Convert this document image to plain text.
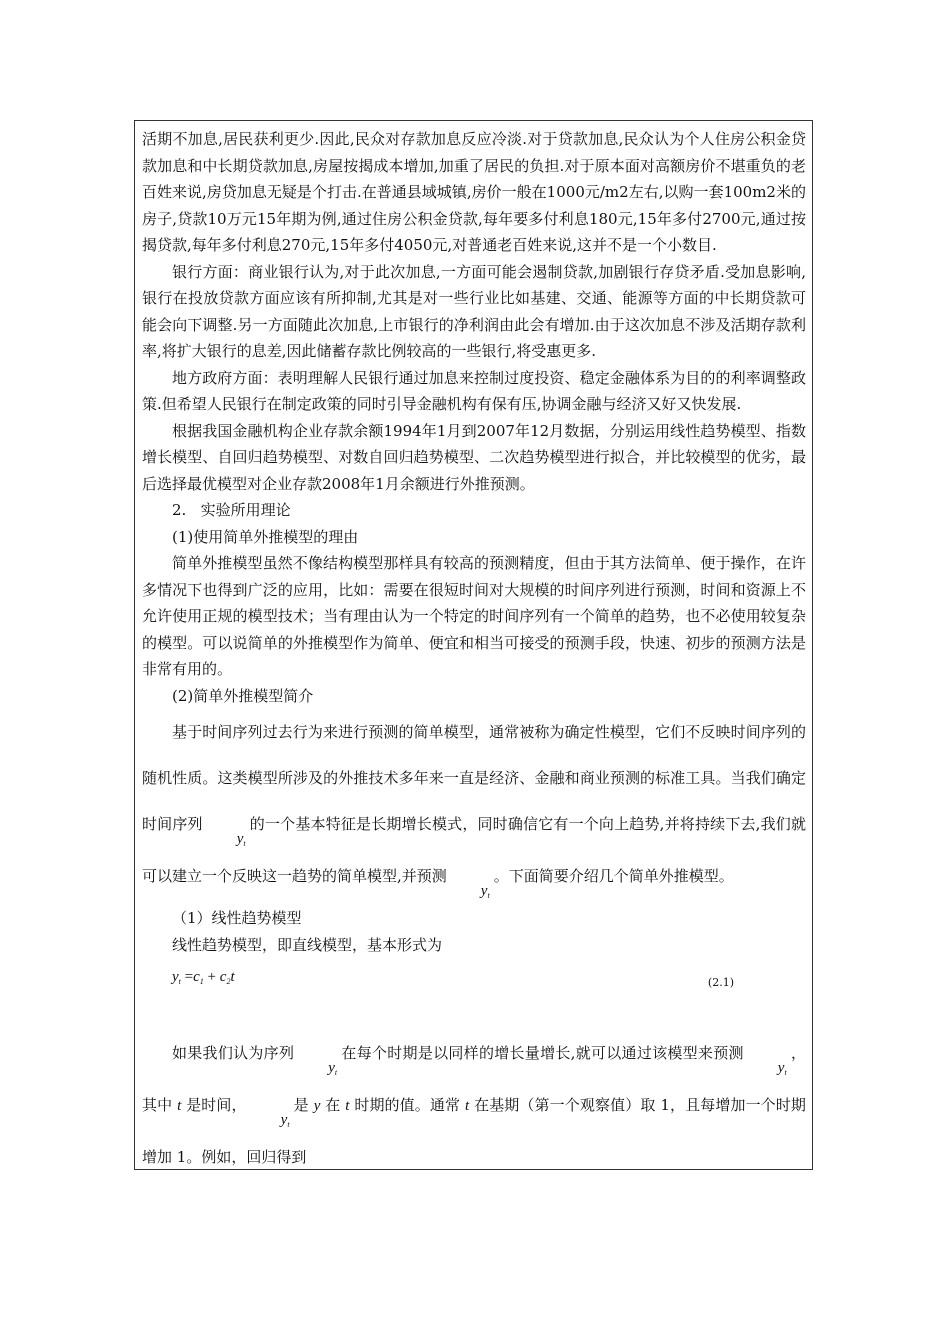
活期不加息,居民获利更少.因此,民众对存款加息反应冷淡.对于贷款加息,民众认为个人住房公积金贷款加息和中长期贷款加息,房屋按揭成本增加,加重了居民的负担.对于原本面对高额房价不堪重负的老百姓来说,房贷加息无疑是个打击.在普通县域城镇,房价一般在1000元/m2左右,以购一套100m2米的房子,贷款10万元15年期为例,通过住房公积金贷款,每年要多付利息180元,15年多付2700元,通过按揭贷款,每年多付利息270元,15年多付4050元,对普通老百姓来说,这并不是一个小数目.

银行方面：商业银行认为,对于此次加息,一方面可能会遏制贷款,加剧银行存贷矛盾.受加息影响,银行在投放贷款方面应该有所抑制,尤其是对一些行业比如基建、交通、能源等方面的中长期贷款可能会向下调整.另一方面随此次加息,上市银行的净利润由此会有增加.由于这次加息不涉及活期存款利率,将扩大银行的息差,因此储蓄存款比例较高的一些银行,将受惠更多.

地方政府方面：表明理解人民银行通过加息来控制过度投资、稳定金融体系为目的的利率调整政策.但希望人民银行在制定政策的同时引导金融机构有保有压,协调金融与经济又好又快发展.

根据我国金融机构企业存款余额1994年1月到2007年12月数据，分别运用线性趋势模型、指数增长模型、自回归趋势模型、对数自回归趋势模型、二次趋势模型进行拟合，并比较模型的优劣，最后选择最优模型对企业存款2008年1月余额进行外推预测。

2.   实验所用理论

(1)使用简单外推模型的理由

简单外推模型虽然不像结构模型那样具有较高的预测精度，但由于其方法简单、便于操作，在许多情况下也得到广泛的应用，比如：需要在很短时间对大规模的时间序列进行预测，时间和资源上不允许使用正规的模型技术；当有理由认为一个特定的时间序列有一个简单的趋势，也不必使用较复杂的模型。可以说简单的外推模型作为简单、便宜和相当可接受的预测手段，快速、初步的预测方法是非常有用的。

(2)简单外推模型简介

基于时间序列过去行为来进行预测的简单模型，通常被称为确定性模型，它们不反映时间序列的随机性质。这类模型所涉及的外推技术多年来一直是经济、金融和商业预测的标准工具。当我们确定时间序列$y_t$的一个基本特征是长期增长模式，同时确信它有一个向上趋势,并将持续下去,我们就可以建立一个反映这一趋势的简单模型,并预测$y_t$。下面简要介绍几个简单外推模型。

（1）线性趋势模型

线性趋势模型，即直线模型，基本形式为

$y_t =c_1 + c_2t$	(2.1)

如果我们认为序列$y_t$在每个时期是以同样的增长量增长,就可以通过该模型来预测$y_t$，其中 t 是时间，$y_t$是 y 在 t 时期的值。通常 t 在基期（第一个观察值）取 1，且每增加一个时期增加 1。例如，回归得到
